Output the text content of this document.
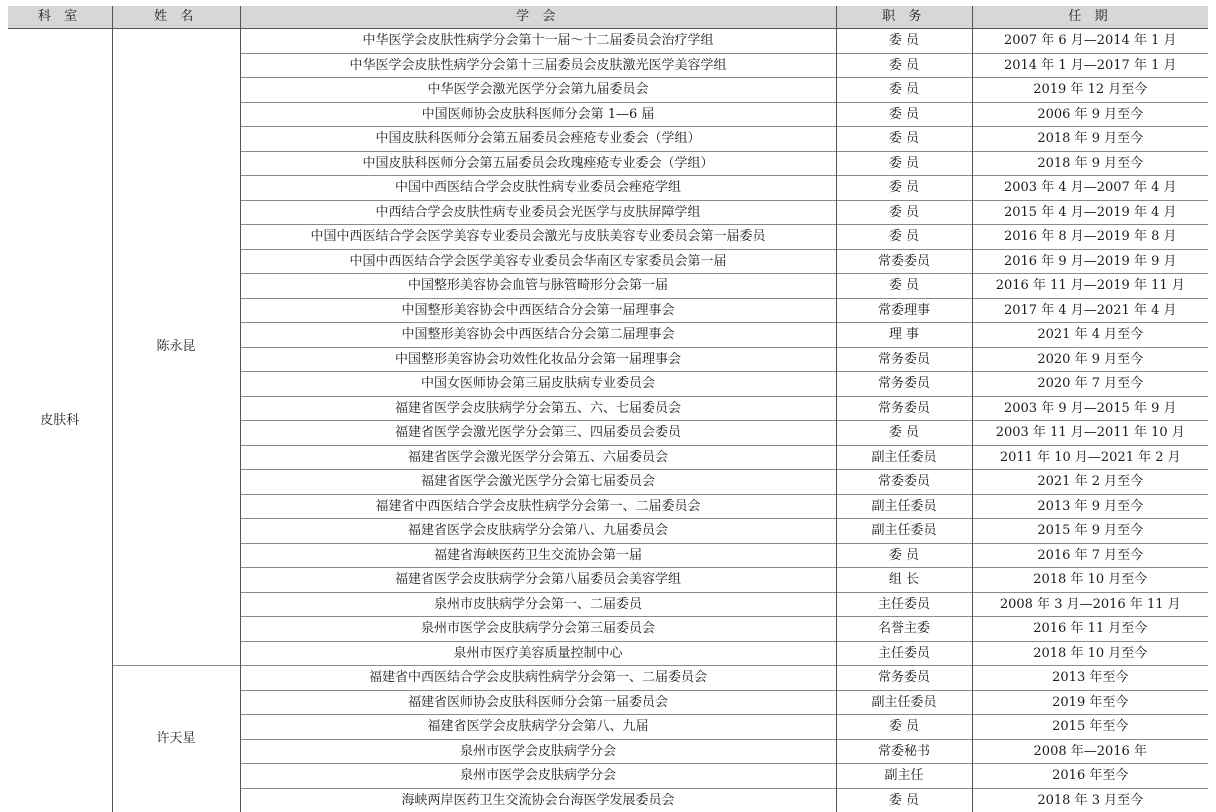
科 室	姓 名	学 会	职 务	任 期
皮肤科	陈永昆	中华医学会皮肤性病学分会第十一届～十二届委员会治疗学组	委 员	2007 年 6 月—2014 年 1 月
		中华医学会皮肤性病学分会第十三届委员会皮肤激光医学美容学组	委 员	2014 年 1 月—2017 年 1 月
		中华医学会激光医学分会第九届委员会	委 员	2019 年 12 月至今
		中国医师协会皮肤科医师分会第 1—6 届	委 员	2006 年 9 月至今
		中国皮肤科医师分会第五届委员会痤疮专业委会（学组）	委 员	2018 年 9 月至今
		中国皮肤科医师分会第五届委员会玫瑰痤疮专业委会（学组）	委 员	2018 年 9 月至今
		中国中西医结合学会皮肤性病专业委员会痤疮学组	委 员	2003 年 4 月—2007 年 4 月
		中西结合学会皮肤性病专业委员会光医学与皮肤屏障学组	委 员	2015 年 4 月—2019 年 4 月
		中国中西医结合学会医学美容专业委员会激光与皮肤美容专业委员会第一届委员	委 员	2016 年 8 月—2019 年 8 月
		中国中西医结合学会医学美容专业委员会华南区专家委员会第一届	常委委员	2016 年 9 月—2019 年 9 月
		中国整形美容协会血管与脉管畸形分会第一届	委 员	2016 年 11 月—2019 年 11 月
		中国整形美容协会中西医结合分会第一届理事会	常委理事	2017 年 4 月—2021 年 4 月
		中国整形美容协会中西医结合分会第二届理事会	理 事	2021 年 4 月至今
		中国整形美容协会功效性化妆品分会第一届理事会	常务委员	2020 年 9 月至今
		中国女医师协会第三届皮肤病专业委员会	常务委员	2020 年 7 月至今
		福建省医学会皮肤病学分会第五、六、七届委员会	常务委员	2003 年 9 月—2015 年 9 月
		福建省医学会激光医学分会第三、四届委员会委员	委 员	2003 年 11 月—2011 年 10 月
		福建省医学会激光医学分会第五、六届委员会	副主任委员	2011 年 10 月—2021 年 2 月
		福建省医学会激光医学分会第七届委员会	常委委员	2021 年 2 月至今
		福建省中西医结合学会皮肤性病学分会第一、二届委员会	副主任委员	2013 年 9 月至今
		福建省医学会皮肤病学分会第八、九届委员会	副主任委员	2015 年 9 月至今
		福建省海峡医药卫生交流协会第一届	委 员	2016 年 7 月至今
		福建省医学会皮肤病学分会第八届委员会美容学组	组 长	2018 年 10 月至今
		泉州市皮肤病学分会第一、二届委员	主任委员	2008 年 3 月—2016 年 11 月
		泉州市医学会皮肤病学分会第三届委员会	名誉主委	2016 年 11 月至今
		泉州市医疗美容质量控制中心	主任委员	2018 年 10 月至今
	许天星	福建省中西医结合学会皮肤病性病学分会第一、二届委员会	常务委员	2013 年至今
		福建省医师协会皮肤科医师分会第一届委员会	副主任委员	2019 年至今
		福建省医学会皮肤病学分会第八、九届	委 员	2015 年至今
		泉州市医学会皮肤病学分会	常委秘书	2008 年—2016 年
		泉州市医学会皮肤病学分会	副主任	2016 年至今
		海峡两岸医药卫生交流协会台海医学发展委员会	委 员	2018 年 3 月至今
